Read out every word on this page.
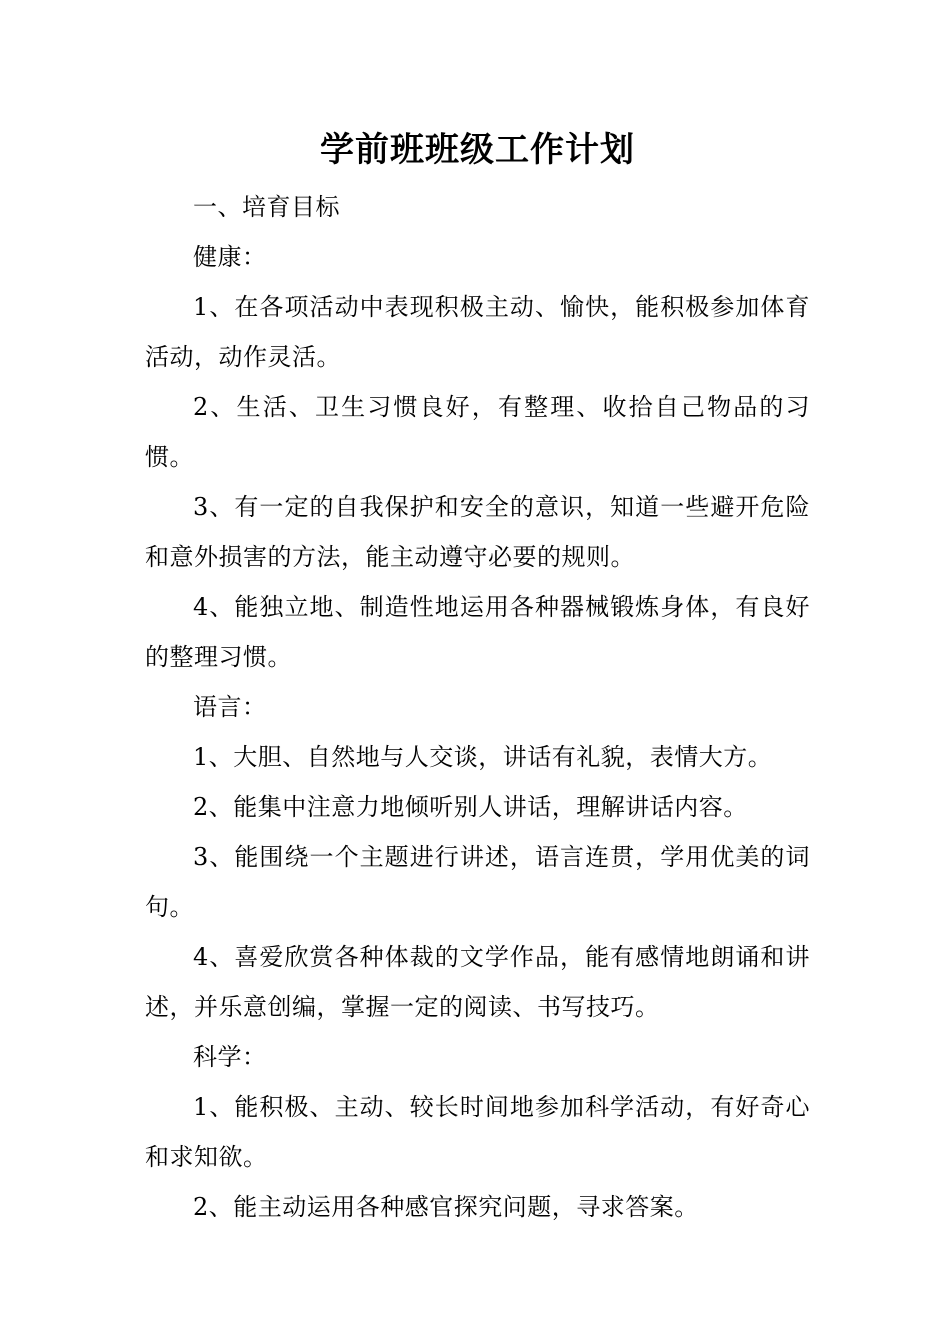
学前班班级工作计划

一、培育目标

健康：

1、在各项活动中表现积极主动、愉快，能积极参加体育活动，动作灵活。

2、生活、卫生习惯良好，有整理、收拾自己物品的习惯。

3、有一定的自我保护和安全的意识，知道一些避开危险和意外损害的方法，能主动遵守必要的规则。

4、能独立地、制造性地运用各种器械锻炼身体，有良好的整理习惯。

语言：

1、大胆、自然地与人交谈，讲话有礼貌，表情大方。

2、能集中注意力地倾听别人讲话，理解讲话内容。

3、能围绕一个主题进行讲述，语言连贯，学用优美的词句。

4、喜爱欣赏各种体裁的文学作品，能有感情地朗诵和讲述，并乐意创编，掌握一定的阅读、书写技巧。

科学：

1、能积极、主动、较长时间地参加科学活动，有好奇心和求知欲。

2、能主动运用各种感官探究问题，寻求答案。
